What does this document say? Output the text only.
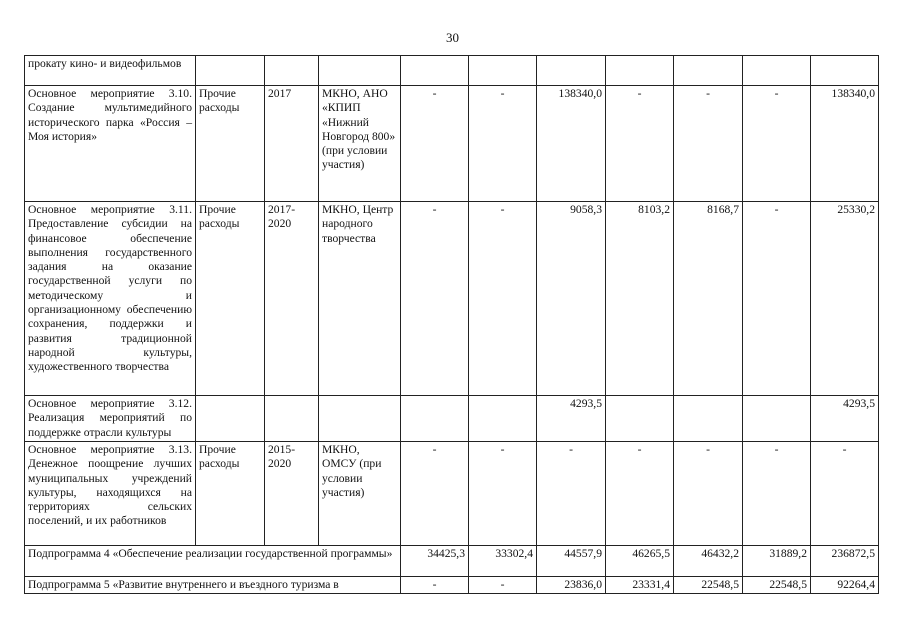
30
прокату кино- и видеофильмов										
Основное мероприятие 3.10. Создание мультимедийного исторического парка «Россия – Моя история»	Прочие расходы	2017	МКНО, АНО «КПИП «Нижний Новгород 800» (при условии участия)	-	-	138340,0	-	-	-	138340,0
Основное мероприятие 3.11. Предоставление субсидии на финансовое обеспечение выполнения государственного задания на оказание государственной услуги по методическому и организационному обеспечению сохранения, поддержки и развития традиционной народной культуры, художественного творчества	Прочие расходы	2017-2020	МКНО, Центр народного творчества	-	-	9058,3	8103,2	8168,7	-	25330,2
Основное мероприятие 3.12. Реализация мероприятий по поддержке отрасли культуры						4293,5				4293,5
Основное мероприятие 3.13. Денежное поощрение лучших муниципальных учреждений культуры, находящихся на территориях сельских поселений, и их работников	Прочие расходы	2015-2020	МКНО, ОМСУ (при условии участия)	-	-	-	-	-	-	-
Подпрограмма 4 «Обеспечение реализации государственной программы»				34425,3	33302,4	44557,9	46265,5	46432,2	31889,2	236872,5
Подпрограмма 5 «Развитие внутреннего и въездного туризма в				-	-	23836,0	23331,4	22548,5	22548,5	92264,4
